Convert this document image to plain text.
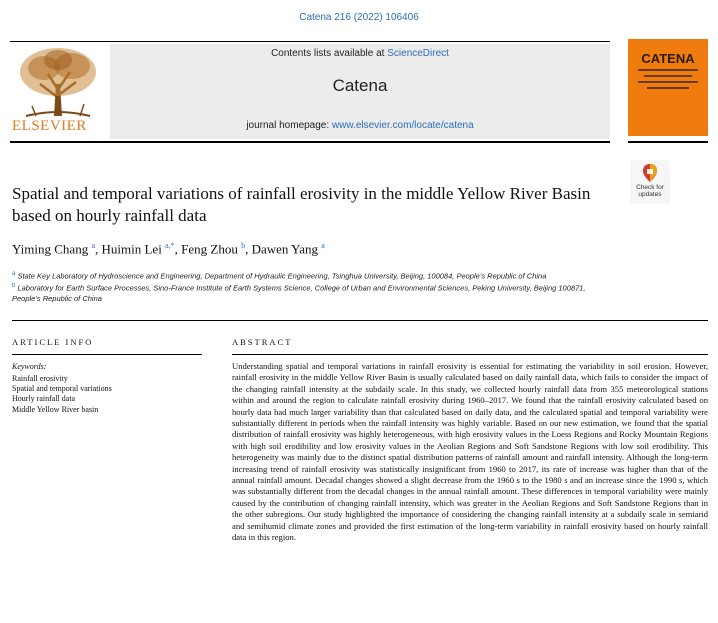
Catena 216 (2022) 106406
ELSEVIER
Contents lists available at ScienceDirect
Catena
journal homepage: www.elsevier.com/locate/catena
CATENA
Check for
updates
Spatial and temporal variations of rainfall erosivity in the middle Yellow River Basin based on hourly rainfall data
Yiming Chang $^a$, Huimin Lei $^{a,*}$, Feng Zhou $^b$, Dawen Yang $^a$
$^a$ State Key Laboratory of Hydroscience and Engineering, Department of Hydraulic Engineering, Tsinghua University, Beijing, 100084, People’s Republic of China
$^b$ Laboratory for Earth Surface Processes, Sino-France Institute of Earth Systems Science, College of Urban and Environmental Sciences, Peking University, Beijing 100871, People’s Republic of China
ARTICLE INFO	ABSTRACT
Keywords:
Rainfall erosivity
Spatial and temporal variations
Hourly rainfall data
Middle Yellow River basin
Understanding spatial and temporal variations in rainfall erosivity is essential for estimating the variability in soil erosion. However, rainfall erosivity in the middle Yellow River Basin is usually calculated based on daily rainfall data, which fails to consider the impact of the changing rainfall intensity at the subdaily scale. In this study, we collected hourly rainfall data from 355 meteorological stations within and around the region to calculate rainfall erosivity during 1960–2017. We found that the rainfall erosivity calculated based on hourly data had much larger variability than that calculated based on daily data, and the calculated spatial and temporal variability were substantially different in periods when the rainfall intensity was highly variable. Based on our new estimation, we found that the spatial distribution of rainfall erosivity was highly heterogeneous, with high erosivity values in the Loess Regions and Rocky Mountain Regions with high soil erodibility and low erosivity values in the Aeolian Regions and Soft Sandstone Regions with low soil erodibility. This heterogeneity was mainly due to the distinct spatial distribution patterns of rainfall amount and rainfall intensity. Although the long-term increasing trend of rainfall erosivity was statistically insignificant from 1960 to 2017, its rate of increase was higher than that of the annual rainfall amount. Decadal changes showed a slight decrease from the 1960 s to the 1980 s and an increase since the 1990 s, which was substantially different from the decadal changes in the annual rainfall amount. These differences in temporal variability were mainly caused by the contribution of changing rainfall intensity, which was greater in the Aeolian Regions and Soft Sandstone Regions than in the other subregions. Our study highlighted the importance of considering the changing rainfall intensity at a subdaily scale in semiarid and semihumid climate zones and provided the first estimation of the long-term variability in rainfall erosivity based on hourly rainfall data in this region.
